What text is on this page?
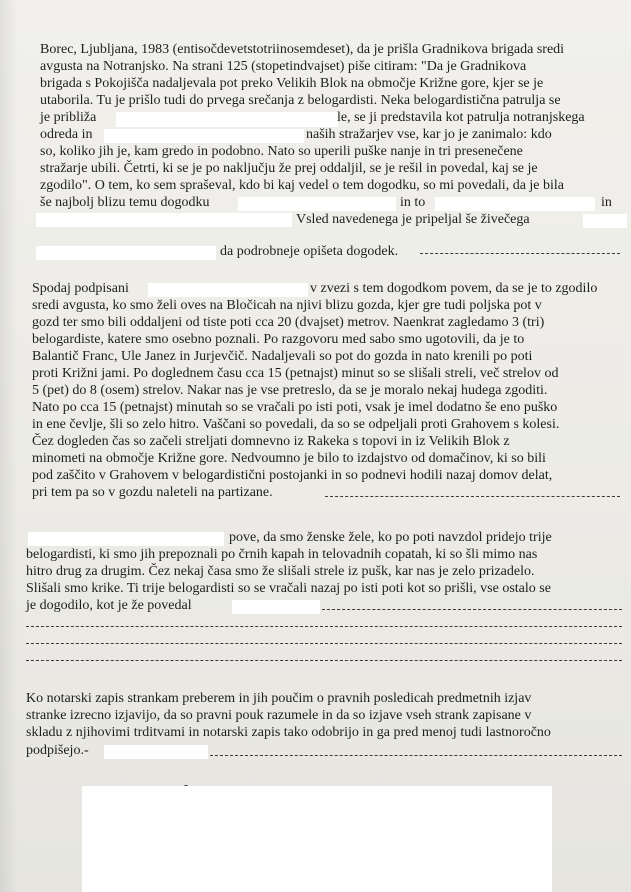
Borec, Ljubljana, 1983 (entisočdevetstotriinosemdeset), da je prišla Gradnikova brigada sredi
avgusta na Notranjsko. Na strani 125 (stopetindvajset) piše citiram: "Da je Gradnikova
brigada s Pokojišča nadaljevala pot preko Velikih Blok na območje Križne gore, kjer se je
utaborila. Tu je prišlo tudi do prvega srečanja z belogardisti. Neka belogardistična patrulja se
je približa	le, se ji predstavila kot patrulja notranjskega
odreda in	naših stražarjev vse, kar jo je zanimalo: kdo
so, koliko jih je, kam gredo in podobno. Nato so uperili puške nanje in tri presenečene
stražarje ubili. Četrti, ki se je po naključju že prej oddaljil, se je rešil in povedal, kaj se je
zgodilo". O tem, ko sem spraševal, kdo bi kaj vedel o tem dogodku, so mi povedali, da je bila
še najbolj blizu temu dogodku	in to	in
Vsled navedenega je pripeljal še živečega
da podrobneje opišeta dogodek.
Spodaj podpisani	v zvezi s tem dogodkom povem, da se je to zgodilo
sredi avgusta, ko smo želi oves na Bločicah na njivi blizu gozda, kjer gre tudi poljska pot v
gozd ter smo bili oddaljeni od tiste poti cca 20 (dvajset) metrov. Naenkrat zagledamo 3 (tri)
belogardiste, katere smo osebno poznali. Po razgovoru med sabo smo ugotovili, da je to
Balantič Franc, Ule Janez in Jurjevčič. Nadaljevali so pot do gozda in nato krenili po poti
proti Križni jami. Po doglednem času cca 15 (petnajst) minut so se slišali streli, več strelov od
5 (pet) do 8 (osem) strelov. Nakar nas je vse pretreslo, da se je moralo nekaj hudega zgoditi.
Nato po cca 15 (petnajst) minutah so se vračali po isti poti, vsak je imel dodatno še eno puško
in ene čevlje, šli so zelo hitro. Vaščani so povedali, da so se odpeljali proti Grahovem s kolesi.
Čez dogleden čas so začeli streljati domnevno iz Rakeka s topovi in iz Velikih Blok z
minometi na območje Križne gore. Nedvoumno je bilo to izdajstvo od domačinov, ki so bili
pod zaščito v Grahovem v belogardistični postojanki in so podnevi hodili nazaj domov delat,
pri tem pa so v gozdu naleteli na partizane.
pove, da smo ženske žele, ko po poti navzdol pridejo trije
belogardisti, ki smo jih prepoznali po črnih kapah in telovadnih copatah, ki so šli mimo nas
hitro drug za drugim. Čez nekaj časa smo že slišali strele iz pušk, kar nas je zelo prizadelo.
Slišali smo krike. Ti trije belogardisti so se vračali nazaj po isti poti kot so prišli, vse ostalo se
je dogodilo, kot je že povedal
Ko notarski zapis strankam preberem in jih poučim o pravnih posledicah predmetnih izjav
stranke izrecno izjavijo, da so pravni pouk razumele in da so izjave vseh strank zapisane v
skladu z njihovimi trditvami in notarski zapis tako odobrijo in ga pred menoj tudi lastnoročno
podpišejo.-
